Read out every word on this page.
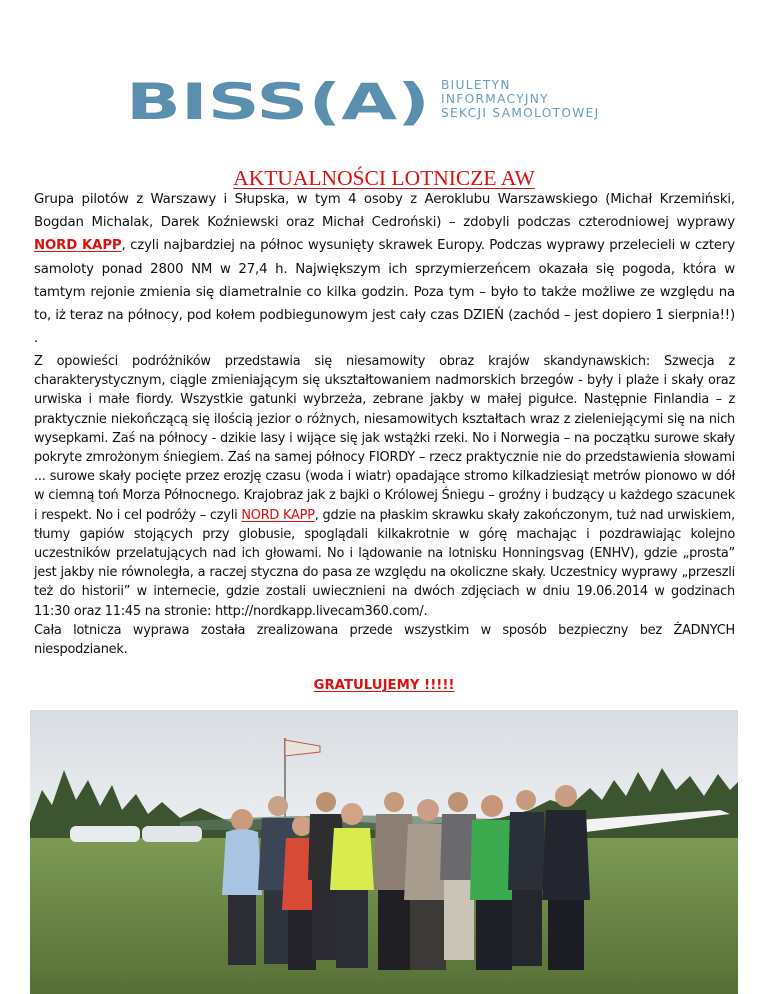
BISS(A) BIULETYN
INFORMACYJNY
SEKCJI SAMOLOTOWEJ
AKTUALNOŚCI LOTNICZE AW

Grupa pilotów z Warszawy i Słupska, w tym 4 osoby z Aeroklubu Warszawskiego (Michał Krzemiński, Bogdan Michalak, Darek Koźniewski oraz Michał Cedroński) – zdobyli podczas czterodniowej wyprawy NORD KAPP, czyli najbardziej na północ wysunięty skrawek Europy. Podczas wyprawy przelecieli w cztery samoloty ponad 2800 NM w 27,4 h. Największym ich sprzymierzeńcem okazała się pogoda, która w tamtym rejonie zmienia się diametralnie co kilka godzin. Poza tym – było to także możliwe ze względu na to, iż teraz na północy, pod kołem podbiegunowym jest cały czas DZIEŃ (zachód – jest dopiero 1 sierpnia!!) .

Z opowieści podróżników przedstawia się niesamowity obraz krajów skandynawskich: Szwecja z charakterystycznym, ciągle zmieniającym się ukształtowaniem nadmorskich brzegów - były i plaże i skały oraz urwiska i małe fiordy. Wszystkie gatunki wybrzeża, zebrane jakby w małej pigułce. Następnie Finlandia – z praktycznie niekończącą się ilością jezior o różnych, niesamowitych kształtach wraz z zieleniejącymi się na nich wysepkami. Zaś na północy - dzikie lasy i wijące się jak wstążki rzeki. No i Norwegia – na początku surowe skały pokryte zmrożonym śniegiem. Zaś na samej północy FIORDY – rzecz praktycznie nie do przedstawienia słowami ... surowe skały pocięte przez erozję czasu (woda i wiatr) opadające stromo kilkadziesiąt metrów pionowo w dół w ciemną toń Morza Północnego. Krajobraz jak z bajki o Królowej Śniegu – groźny i budzący u każdego szacunek i respekt. No i cel podróży – czyli NORD KAPP, gdzie na płaskim skrawku skały zakończonym, tuż nad urwiskiem, tłumy gapiów stojących przy globusie, spoglądali kilkakrotnie w górę machając i pozdrawiając kolejno uczestników przelatujących nad ich głowami. No i lądowanie na lotnisku Honningsvag (ENHV), gdzie „prosta” jest jakby nie równoległa, a raczej styczna do pasa ze względu na okoliczne skały. Uczestnicy wyprawy „przeszli też do historii” w internecie, gdzie zostali uwiecznieni na dwóch zdjęciach w dniu 19.06.2014 w godzinach 11:30 oraz 11:45 na stronie: http://nordkapp.livecam360.com/.
Cała lotnicza wyprawa została zrealizowana przede wszystkim w sposób bezpieczny bez ŻADNYCH niespodzianek.

GRATULUJEMY !!!!!
